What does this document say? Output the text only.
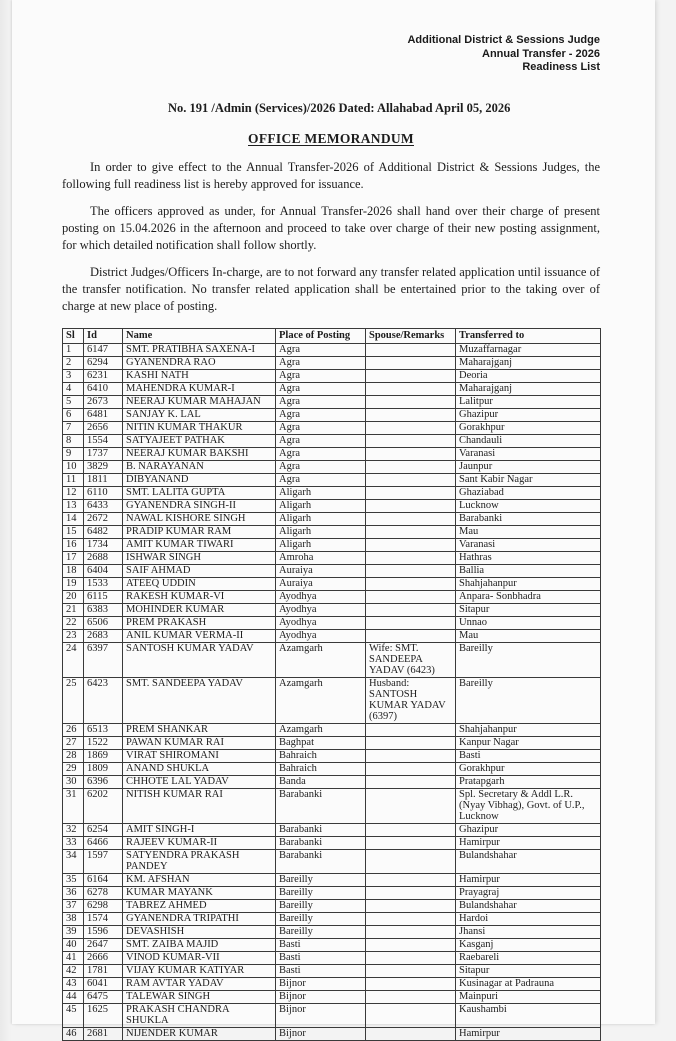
Additional District & Sessions Judge
Annual Transfer - 2026
Readiness List
No. 191 /Admin (Services)/2026 Dated: Allahabad April 05, 2026
OFFICE MEMORANDUM

In order to give effect to the Annual Transfer-2026 of Additional District & Sessions Judges, the following full readiness list is hereby approved for issuance.

The officers approved as under, for Annual Transfer-2026 shall hand over their charge of present posting on 15.04.2026 in the afternoon and proceed to take over charge of their new posting assignment, for which detailed notification shall follow shortly.

District Judges/Officers In-charge, are to not forward any transfer related application until issuance of the transfer notification. No transfer related application shall be entertained prior to the taking over of charge at new place of posting.

Sl	Id	Name	Place of Posting	Spouse/Remarks	Transferred to
1	6147	SMT. PRATIBHA SAXENA-I	Agra		Muzaffarnagar
2	6294	GYANENDRA RAO	Agra		Maharajganj
3	6231	KASHI NATH	Agra		Deoria
4	6410	MAHENDRA KUMAR-I	Agra		Maharajganj
5	2673	NEERAJ KUMAR MAHAJAN	Agra		Lalitpur
6	6481	SANJAY K. LAL	Agra		Ghazipur
7	2656	NITIN KUMAR THAKUR	Agra		Gorakhpur
8	1554	SATYAJEET PATHAK	Agra		Chandauli
9	1737	NEERAJ KUMAR BAKSHI	Agra		Varanasi
10	3829	B. NARAYANAN	Agra		Jaunpur
11	1811	DIBYANAND	Agra		Sant Kabir Nagar
12	6110	SMT. LALITA GUPTA	Aligarh		Ghaziabad
13	6433	GYANENDRA SINGH-II	Aligarh		Lucknow
14	2672	NAWAL KISHORE SINGH	Aligarh		Barabanki
15	6482	PRADIP KUMAR RAM	Aligarh		Mau
16	1734	AMIT KUMAR TIWARI	Aligarh		Varanasi
17	2688	ISHWAR SINGH	Amroha		Hathras
18	6404	SAIF AHMAD	Auraiya		Ballia
19	1533	ATEEQ UDDIN	Auraiya		Shahjahanpur
20	6115	RAKESH KUMAR-VI	Ayodhya		Anpara- Sonbhadra
21	6383	MOHINDER KUMAR	Ayodhya		Sitapur
22	6506	PREM PRAKASH	Ayodhya		Unnao
23	2683	ANIL KUMAR VERMA-II	Ayodhya		Mau
24	6397	SANTOSH KUMAR YADAV	Azamgarh	Wife: SMT. SANDEEPA YADAV (6423)	Bareilly
25	6423	SMT. SANDEEPA YADAV	Azamgarh	Husband: SANTOSH KUMAR YADAV (6397)	Bareilly
26	6513	PREM SHANKAR	Azamgarh		Shahjahanpur
27	1522	PAWAN KUMAR RAI	Baghpat		Kanpur Nagar
28	1869	VIRAT SHIROMANI	Bahraich		Basti
29	1809	ANAND SHUKLA	Bahraich		Gorakhpur
30	6396	CHHOTE LAL YADAV	Banda		Pratapgarh
31	6202	NITISH KUMAR RAI	Barabanki		Spl. Secretary & Addl L.R. (Nyay Vibhag), Govt. of U.P., Lucknow
32	6254	AMIT SINGH-I	Barabanki		Ghazipur
33	6466	RAJEEV KUMAR-II	Barabanki		Hamirpur
34	1597	SATYENDRA PRAKASH PANDEY	Barabanki		Bulandshahar
35	6164	KM. AFSHAN	Bareilly		Hamirpur
36	6278	KUMAR MAYANK	Bareilly		Prayagraj
37	6298	TABREZ AHMED	Bareilly		Bulandshahar
38	1574	GYANENDRA TRIPATHI	Bareilly		Hardoi
39	1596	DEVASHISH	Bareilly		Jhansi
40	2647	SMT. ZAIBA MAJID	Basti		Kasganj
41	2666	VINOD KUMAR-VII	Basti		Raebareli
42	1781	VIJAY KUMAR KATIYAR	Basti		Sitapur
43	6041	RAM AVTAR YADAV	Bijnor		Kusinagar at Padrauna
44	6475	TALEWAR SINGH	Bijnor		Mainpuri
45	1625	PRAKASH CHANDRA SHUKLA	Bijnor		Kaushambi
46	2681	NIJENDER KUMAR	Bijnor		Hamirpur
